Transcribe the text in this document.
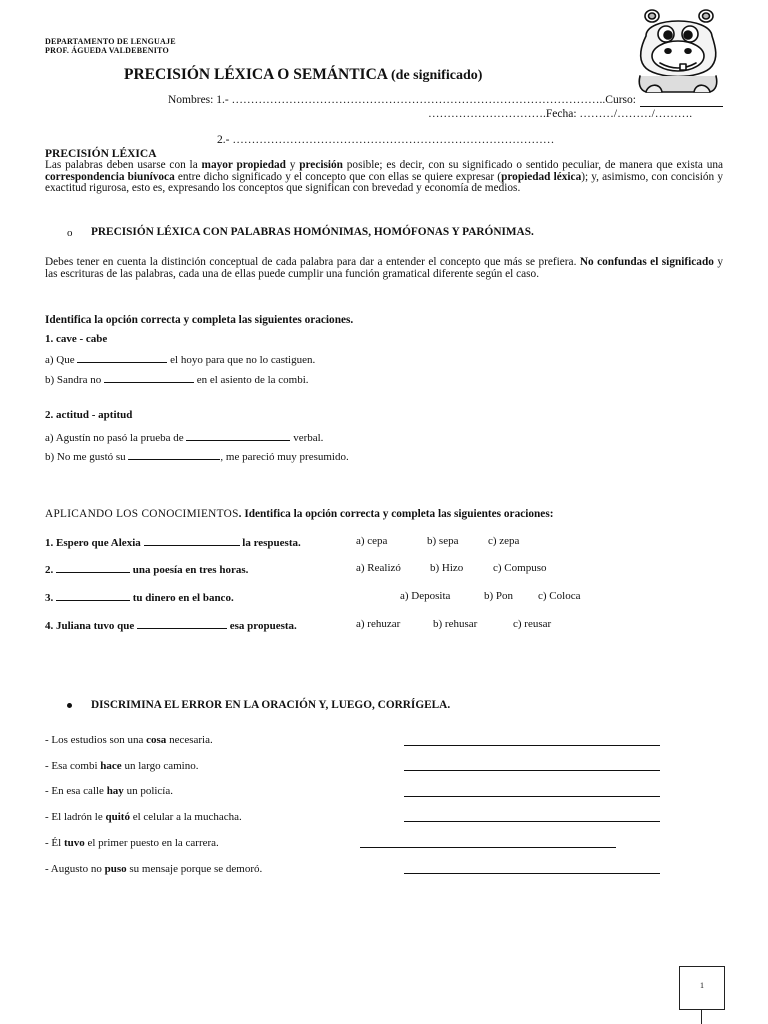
DEPARTAMENTO DE LENGUAJE
PROF. ÁGUEDA VALDEBENITO
PRECISIÓN LÉXICA O SEMÁNTICA (de significado)
Nombres: 1.- ……………………………………………………………………………………..Curso:
………………………….Fecha: ………/………/……….
2.- …………………………………………………………………………
PRECISIÓN LÉXICA
Las palabras deben usarse con la mayor propiedad y precisión posible; es decir, con su significado o sentido peculiar, de manera que exista una correspondencia biunívoca entre dicho significado y el concepto que con ellas se quiere expresar (propiedad léxica); y, asimismo, con concisión y exactitud rigurosa, esto es, expresando los conceptos que significan con brevedad y economía de medios.
o PRECISIÓN LÉXICA CON PALABRAS HOMÓNIMAS, HOMÓFONAS Y PARÓNIMAS.
Debes tener en cuenta la distinción conceptual de cada palabra para dar a entender el concepto que más se prefiera. No confundas el significado y las escrituras de las palabras, cada una de ellas puede cumplir una función gramatical diferente según el caso.
Identifica la opción correcta y completa las siguientes oraciones.
1. cave - cabe
a) Que	el hoyo para que no lo castiguen.
b) Sandra no	en el asiento de la combi.
2. actitud - aptitud
a) Agustín no pasó la prueba de	verbal.
b) No me gustó su	, me pareció muy presumido.
APLICANDO LOS CONOCIMIENTOS. Identifica la opción correcta y completa las siguientes oraciones:
1. Espero que Alexia	la respuesta.	a) cepa	b) sepa	c) zepa
2.	una poesía en tres horas.	a) Realizó	b) Hizo	c) Compuso
3.	tu dinero en el banco.	a) Deposita	b) Pon c) Coloca
4. Juliana tuvo que	esa propuesta.	a) rehuzar	b) rehusar	c) reusar
DISCRIMINA EL ERROR EN LA ORACIÓN Y, LUEGO, CORRÍGELA.
- Los estudios son una cosa necesaria.
- Esa combi hace un largo camino.
- En esa calle hay un policía.
- El ladrón le quitó el celular a la muchacha.
- Él tuvo el primer puesto en la carrera.
- Augusto no puso su mensaje porque se demoró.
1
